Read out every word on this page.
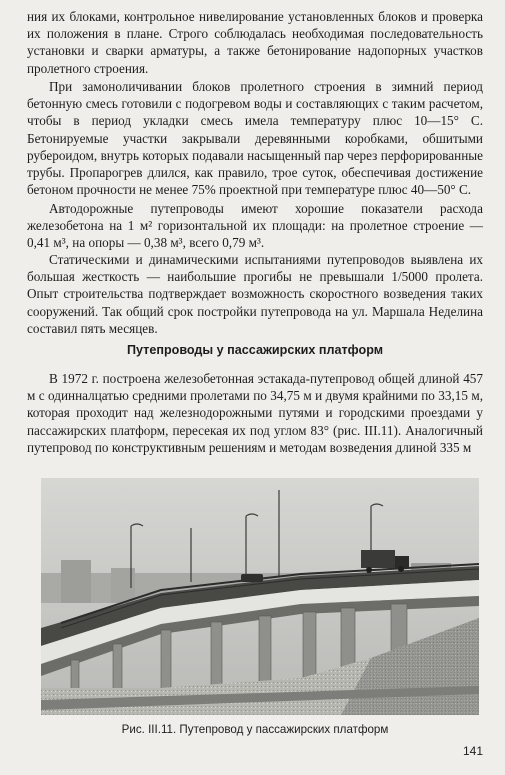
ния их блоками, контрольное нивелирование установленных блоков и проверка их положения в плане. Строго соблюдалась необходимая последовательность установки и сварки арматуры, а также бетонирование надопорных участков пролетного строения.

При замоноличивании блоков пролетного строения в зимний период бетонную смесь готовили с подогревом воды и составляющих с таким расчетом, чтобы в период укладки смесь имела температуру плюс 10—15° С. Бетонируемые участки закрывали деревянными коробками, обшитыми рубероидом, внутрь которых подавали насыщенный пар через перфорированные трубы. Пропарогрев длился, как правило, трое суток, обеспечивая достижение бетоном прочности не менее 75% проектной при температуре плюс 40—50° С.

Автодорожные путепроводы имеют хорошие показатели расхода железобетона на 1 м² горизонтальной их площади: на пролетное строение — 0,41 м³, на опоры — 0,38 м³, всего 0,79 м³.

Статическими и динамическими испытаниями путепроводов выявлена их большая жесткость — наибольшие прогибы не превышали 1/5000 пролета. Опыт строительства подтверждает возможность скоростного возведения таких сооружений. Так общий срок постройки путепровода на ул. Маршала Неделина составил пять месяцев.

Путепроводы у пассажирских платформ

В 1972 г. построена железобетонная эстакада-путепровод общей длиной 457 м с одинналцатью средними пролетами по 34,75 м и двумя крайними по 33,15 м, которая проходит над железнодорожными путями и городскими проездами у пассажирских платформ, пересекая их под углом 83° (рис. III.11). Аналогичный путепровод по конструктивным решениям и методам возведения длиной 335 м

Рис. III.11. Путепровод у пассажирских платформ

141
